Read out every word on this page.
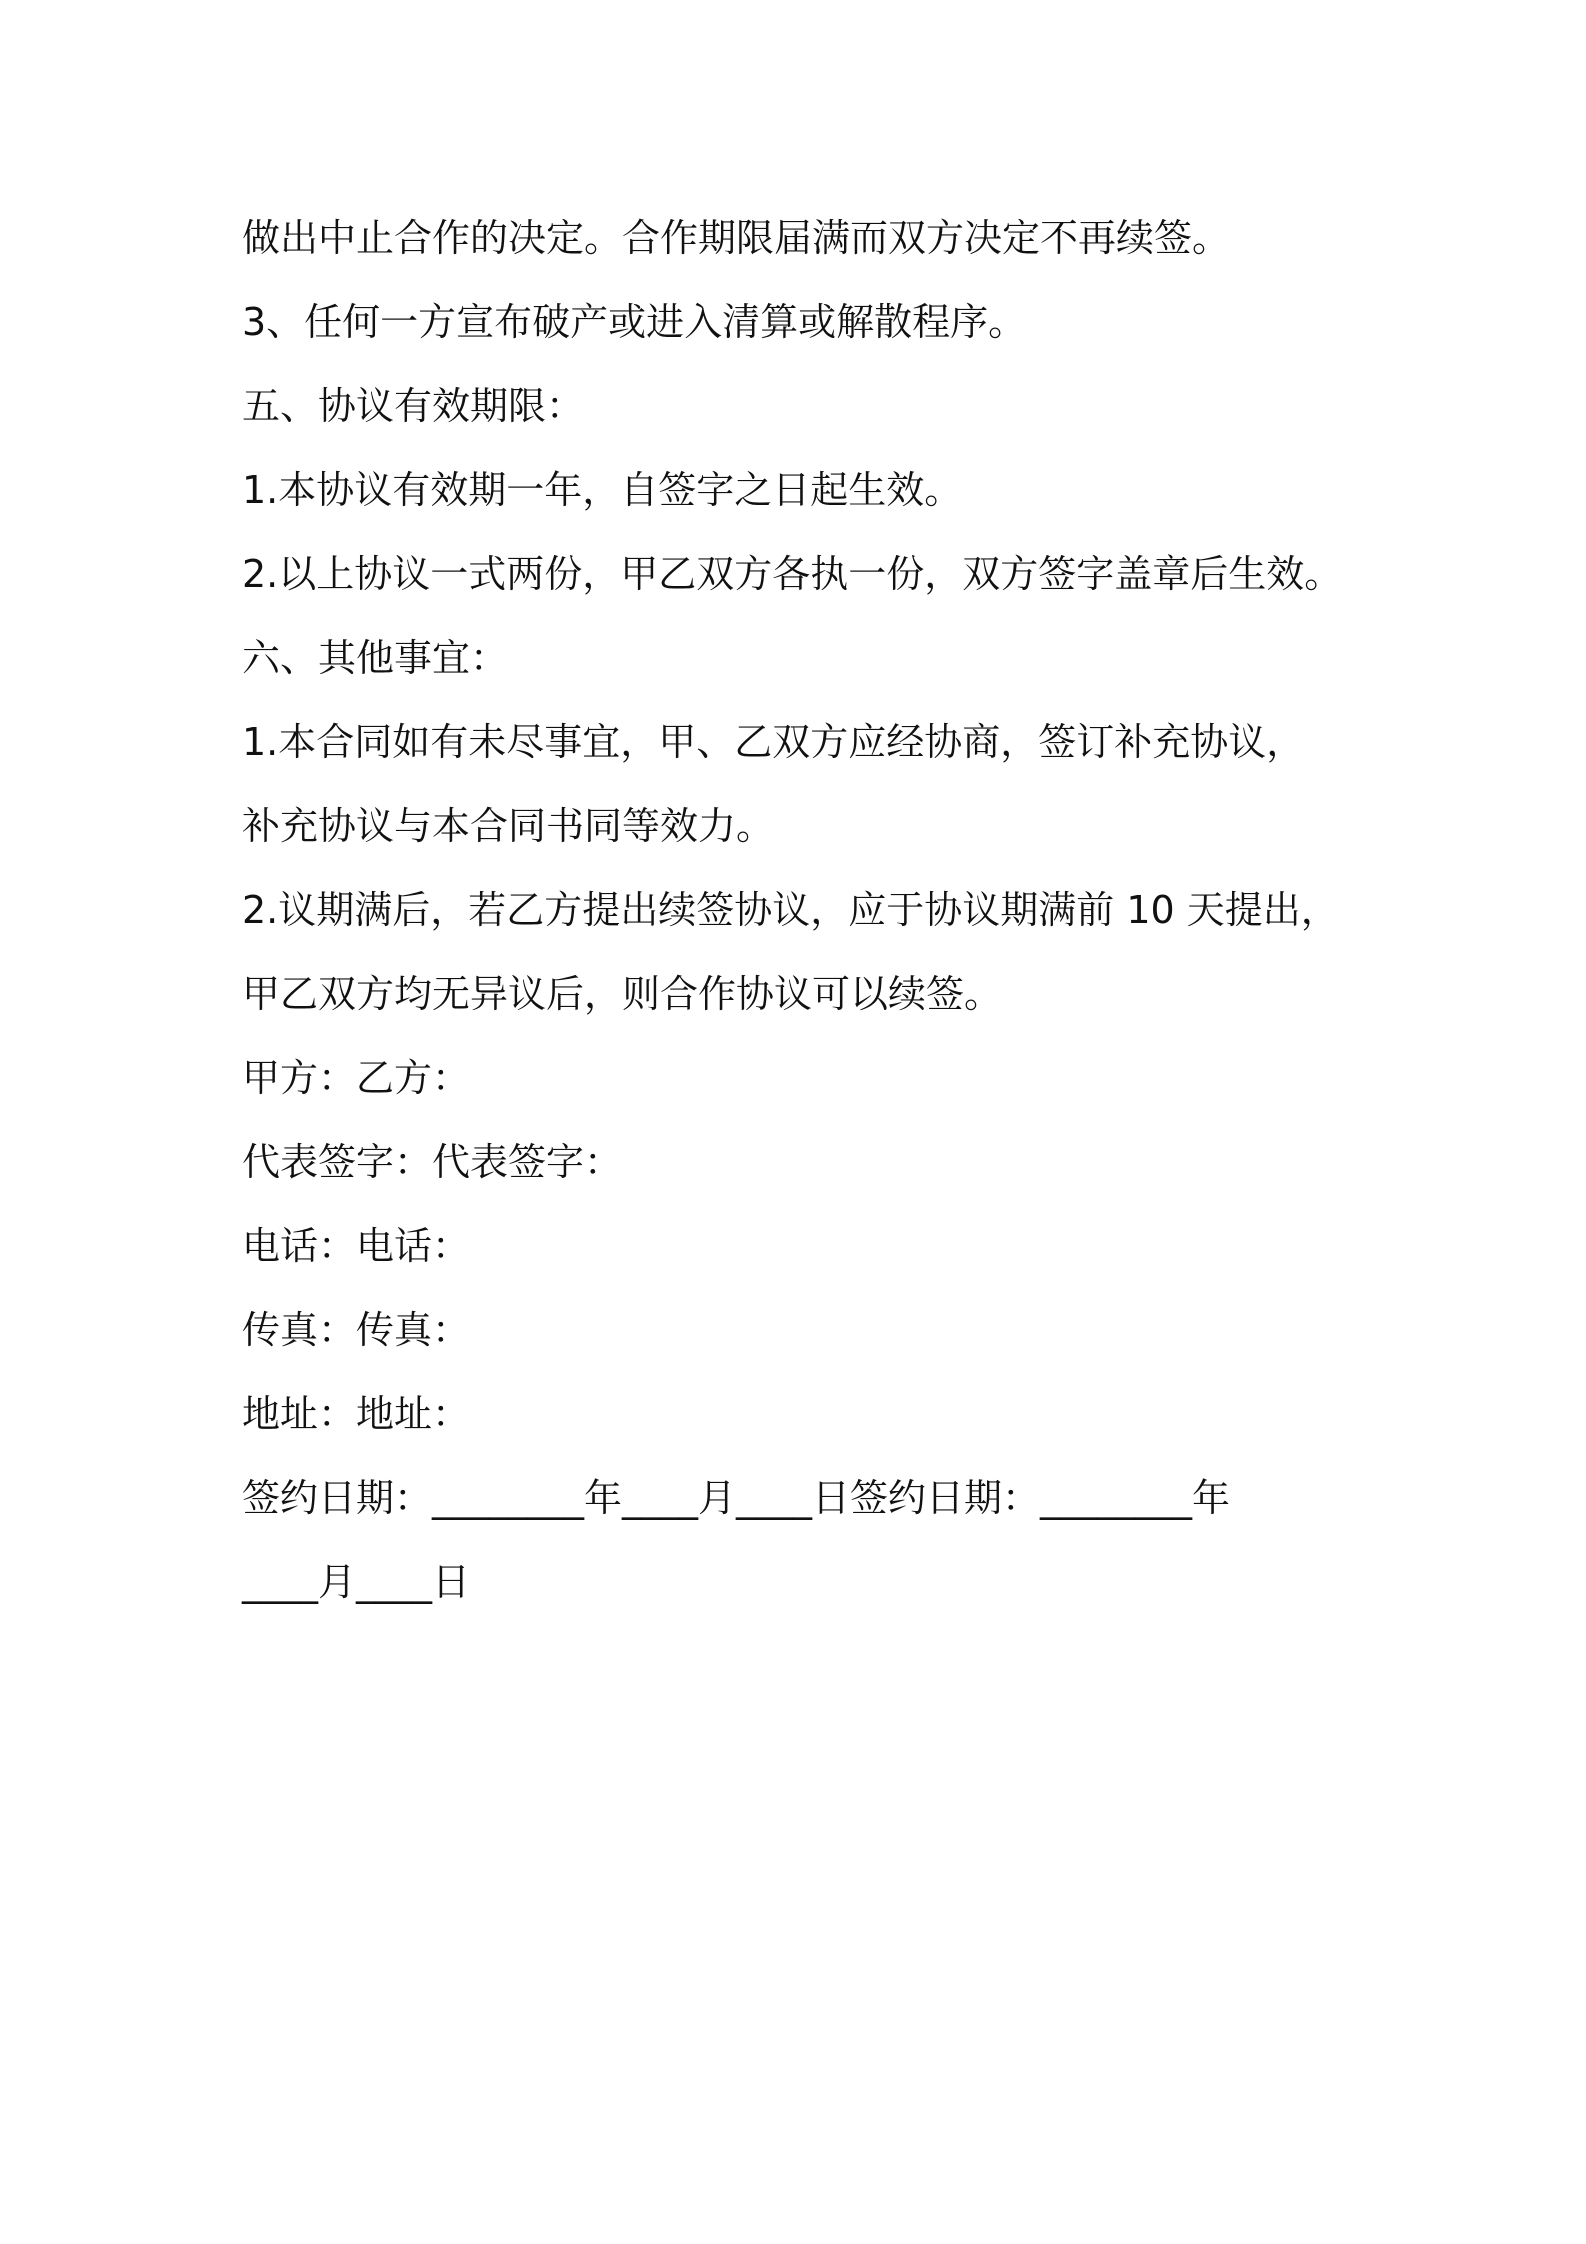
做出中止合作的决定。合作期限届满而双方决定不再续签。
3、任何一方宣布破产或进入清算或解散程序。
五、协议有效期限：
1.本协议有效期一年，自签字之日起生效。
2.以上协议一式两份，甲乙双方各执一份，双方签字盖章后生效。
六、其他事宜：
1.本合同如有未尽事宜，甲、乙双方应经协商，签订补充协议，
补充协议与本合同书同等效力。
2.议期满后，若乙方提出续签协议，应于协议期满前 10 天提出，
甲乙双方均无异议后，则合作协议可以续签。
甲方：乙方：
代表签字：代表签字：
电话：电话：
传真：传真：
地址：地址：
签约日期：________年____月____日签约日期：________年
____月____日
